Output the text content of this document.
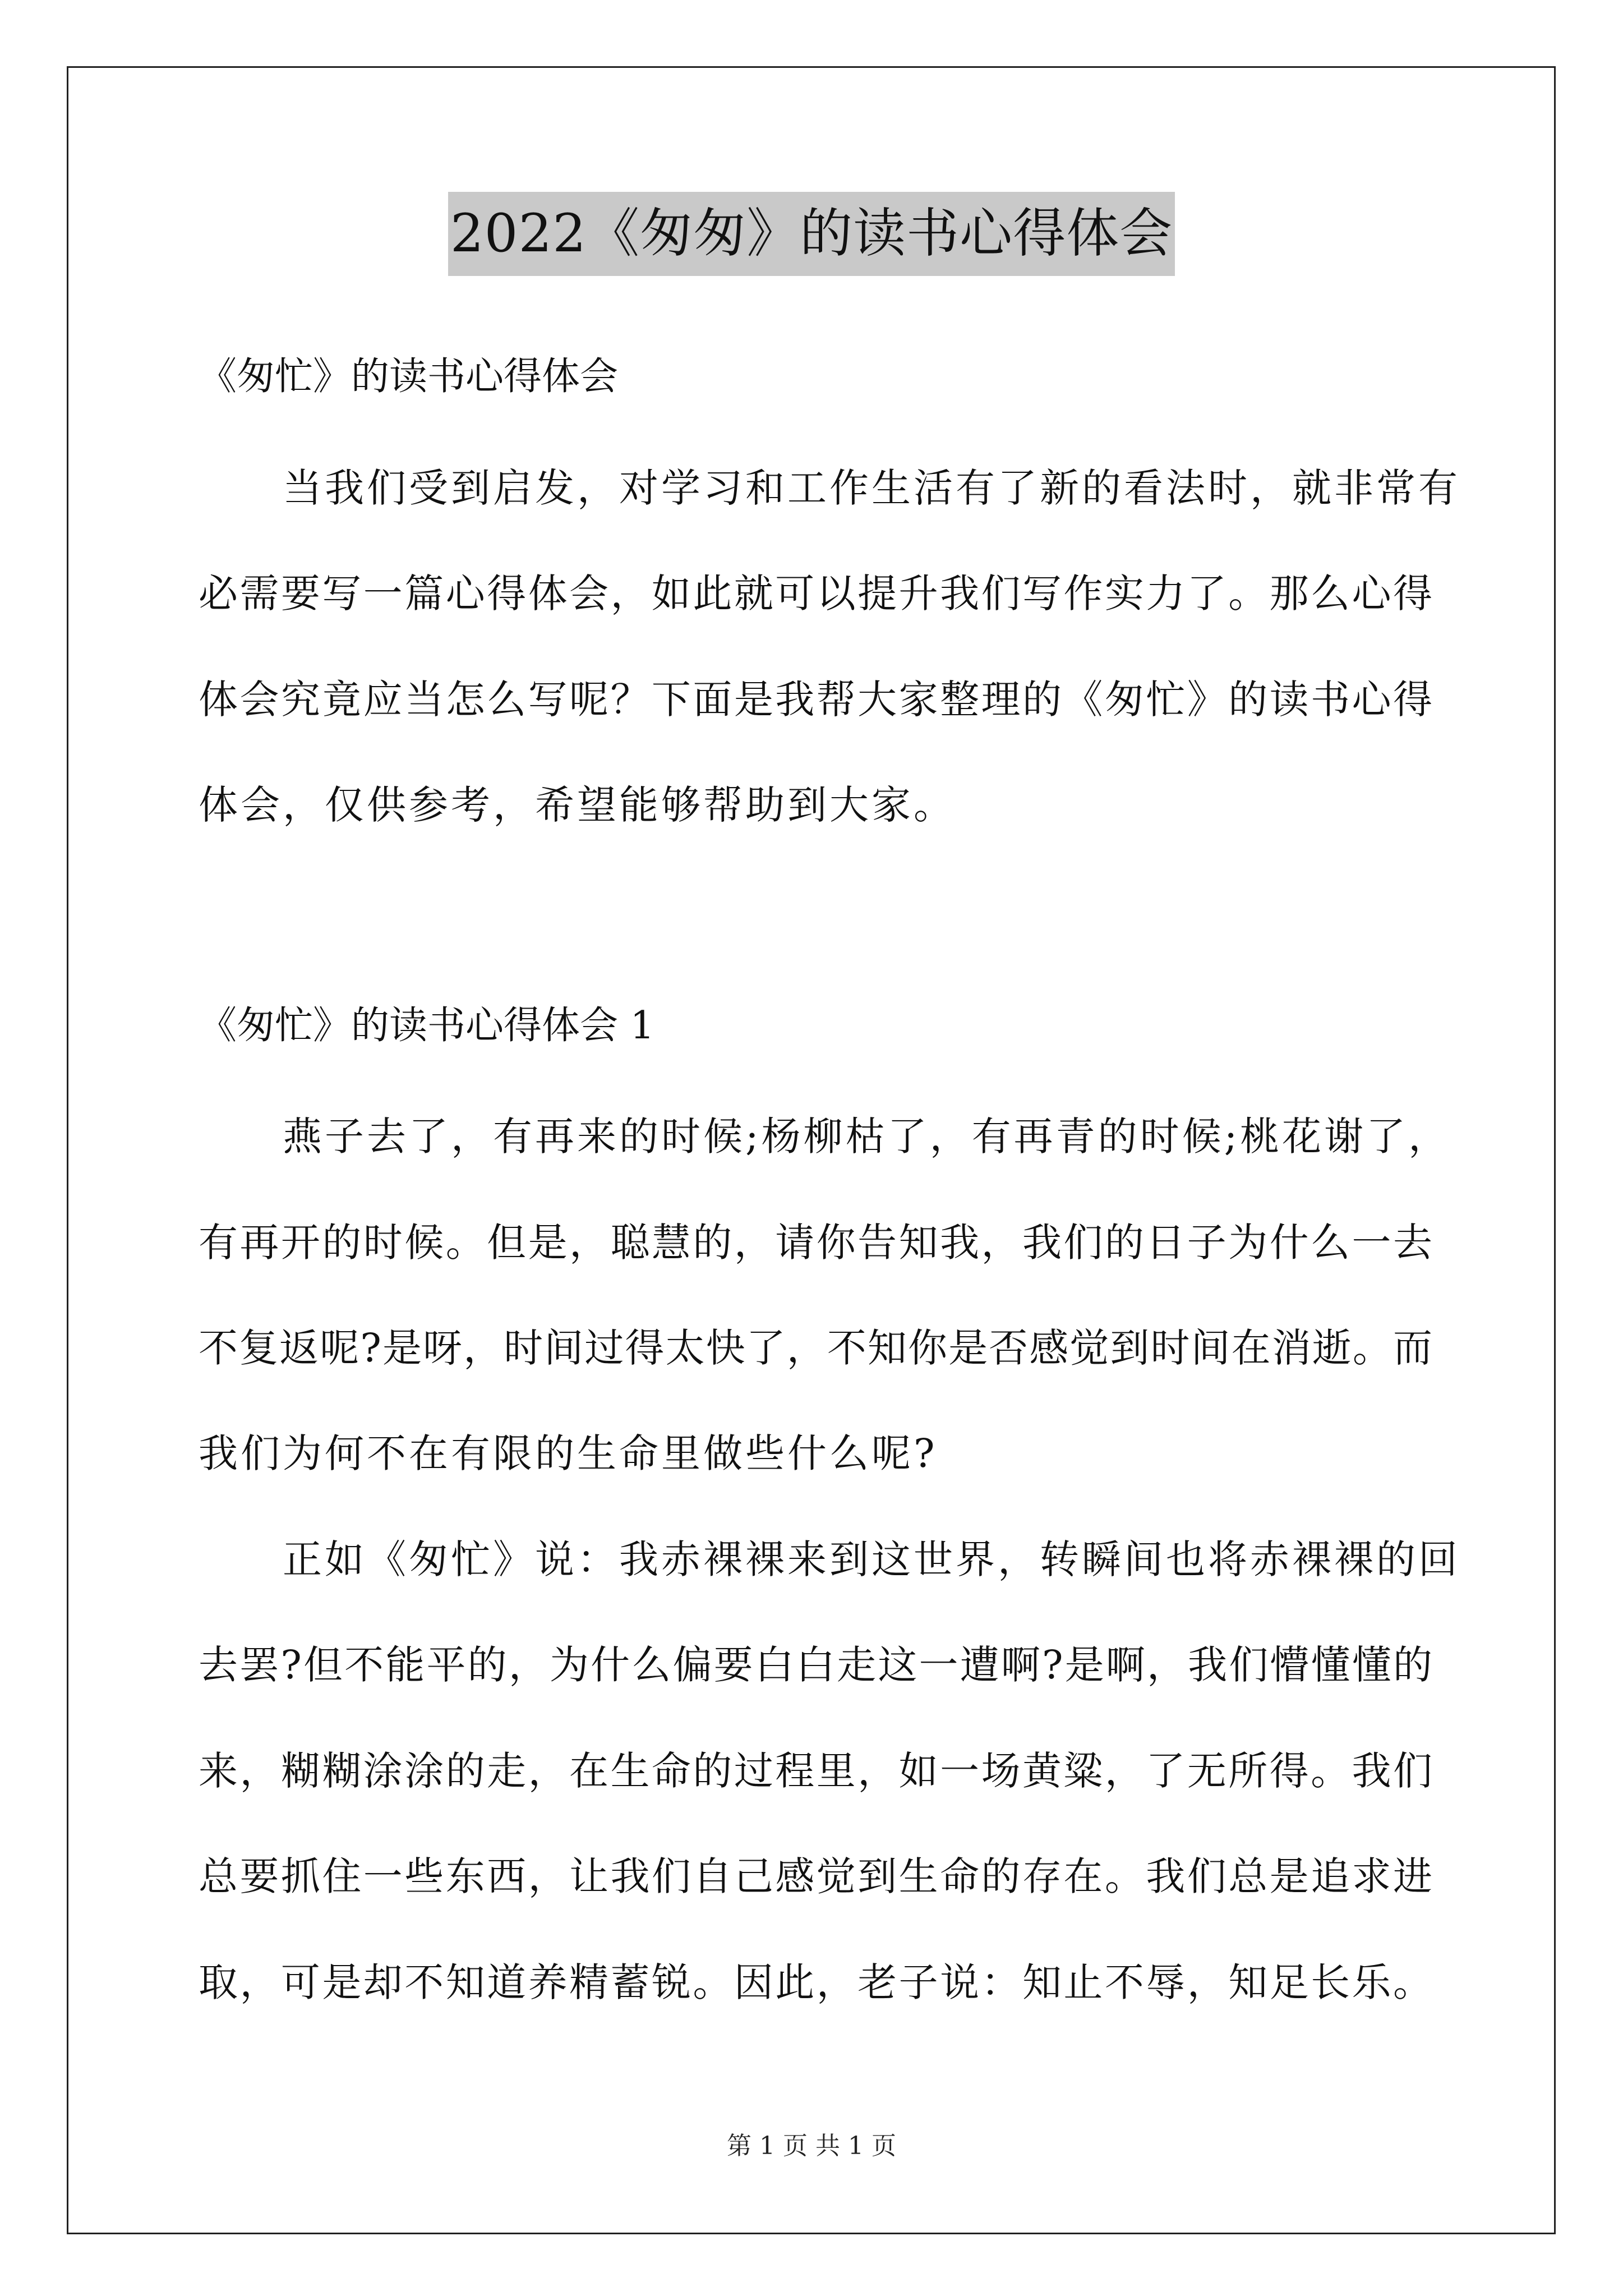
2022《匆匆》的读书心得体会
《匆忙》的读书心得体会
当我们受到启发，对学习和工作生活有了新的看法时，就非常有
必需要写一篇心得体会，如此就可以提升我们写作实力了。那么心得
体会究竟应当怎么写呢？下面是我帮大家整理的《匆忙》的读书心得
体会，仅供参考，希望能够帮助到大家。
《匆忙》的读书心得体会 1
燕子去了，有再来的时候;杨柳枯了，有再青的时候;桃花谢了，
有再开的时候。但是，聪慧的，请你告知我，我们的日子为什么一去
不复返呢?是呀，时间过得太快了，不知你是否感觉到时间在消逝。而
我们为何不在有限的生命里做些什么呢?
正如《匆忙》说：我赤裸裸来到这世界，转瞬间也将赤裸裸的回
去罢?但不能平的，为什么偏要白白走这一遭啊?是啊，我们懵懂懂的
来，糊糊涂涂的走，在生命的过程里，如一场黄粱，了无所得。我们
总要抓住一些东西，让我们自己感觉到生命的存在。我们总是追求进
取，可是却不知道养精蓄锐。因此，老子说：知止不辱，知足长乐。
第 1 页 共 1 页
